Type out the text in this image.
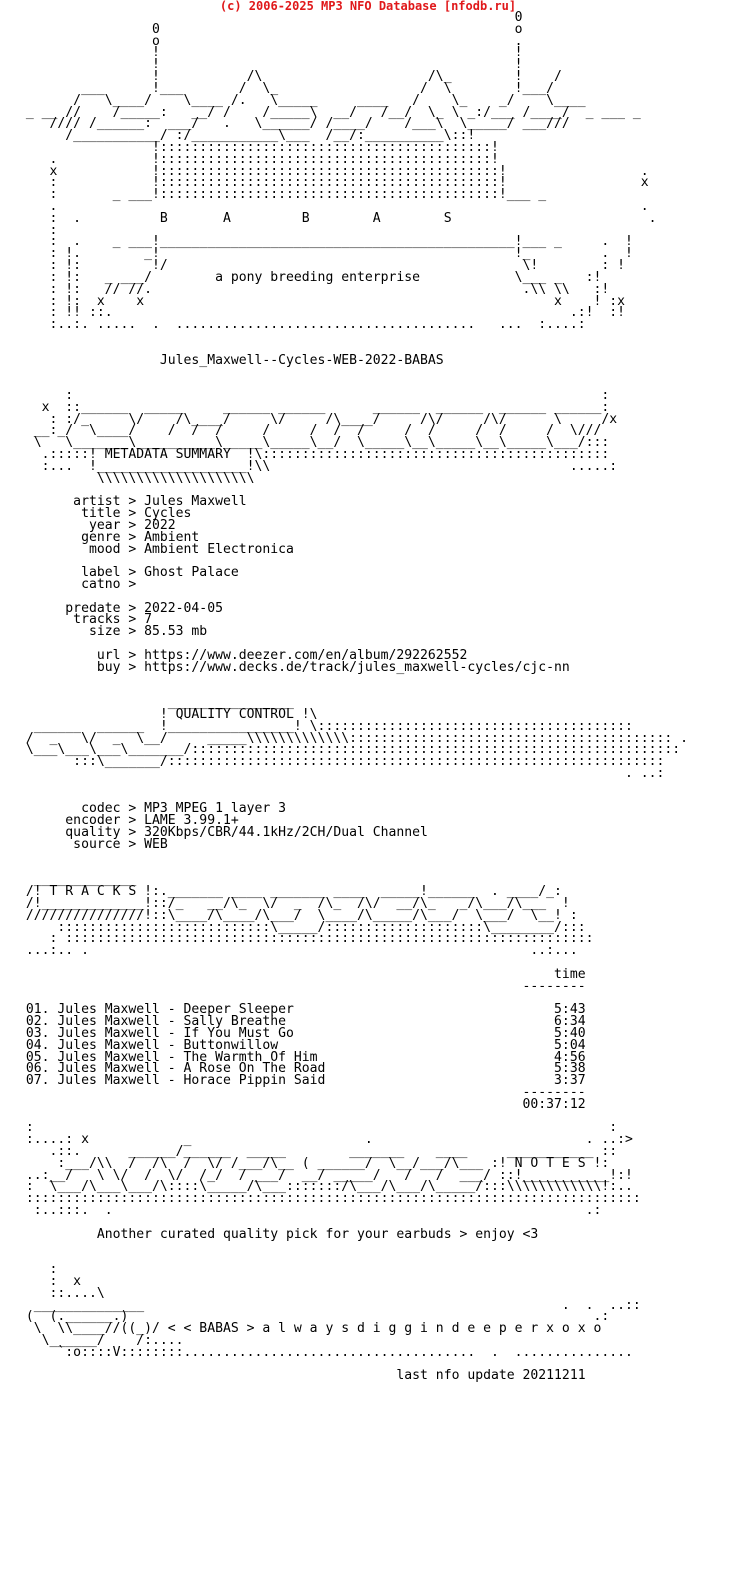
(c) 2006-2025 MP3 NFO Database [nfodb.ru]
0
0                                             o
o                                             .
!                                             !
!                                             !
!           /\                     /\_        !    /
___      !___       /  \_                  /  \        !___/
/   \____/    \____ /.   \_____     ____   /    \_    _/    \____
_ __ //    /_____:   __/ /    /_____\  __/   /__/  \_ \ _:/___ /____/  _ ___ _
//// /______:  ___/   .   \______/ /____/    /___\  \_____/ ___///
/___________/ :/___________\___  /__/:__________\::!
!::::::::::::::::::::::::::::::::::::::::::!
.            !::::::::::::::::::::::::::::::::::::::::::!
x            !:::::::::::::::::::::::::::::::::::::::::::!                 .
:            !:::::::::::::::::::::::::::::::::::::::::::!                 x
:       _ ___!:::::::::::::::::::::::::::::::::::::::::::!___ _
.                                                                          .
:  .          B       A         B        A        S                         .
:
:  .    _ ___!_____________________________________________!___ _     .  !
: !.        _!                                             !_         .  !
: !:         !/                                             \!        : !
: !:   _ ___/        a pony breeding enterprise            \___ _   :!
: !:   // //.                                               .\\ \\   :!
: !:  x    x                                                    x    ! :x
: !! ::.                                                          .:!  :!
:..:. .....  .  ......................................   ...  :....:

Jules_Maxwell--Cycles-WEB-2022-BABAS

:                                                                   :
x  ::______  _____     ______ ______      ______  ______  ______ ______:
: :/_     \/    /\____/     \/     /\____/     /\/     /\/      \     /x
__:_/  \____/    /  /  /     /     /  /  /     /  /     /  /     /  \///
\   \_______\__________\_____\_____\__/  \_____\__\_____\__\_____\___/:::
.:::::! METADATA SUMMARY  !\::::::::::::::::::::::::::::::::::::::::::::
:...  !___________________!\\                                      .....:
\\\\\\\\\\\\\\\\\\\\

artist > Jules Maxwell
title > Cycles
year > 2022
genre > Ambient
mood > Ambient Electronica

label > Ghost Palace
catno >

predate > 2022-04-05
tracks > 7
size > 85.53 mb

url > https://www.deezer.com/en/album/292262552
buy > https://www.decks.de/track/jules_maxwell-cycles/cjc-nn

________________
! QUALITY CONTROL !\
______  ______  !________________! \::::::::::::::::::::::::::::::::::::::::
/  _   \/  _  \__/     _____\\\\\\\\\\\\\::::::::::::::::::::::::::::::::::::::::: .
\___\___\___\_______/::::::::::::::::::::::::::::::::::::::::::::::::::::::::::::::
:::\_______/:::::::::::::::::::::::::::::::::::::::::::::::::::::::::::::::
. ..:

codec > MP3 MPEG 1 layer 3
encoder > LAME 3.99.1+
quality > 320Kbps/CBR/44.1kHz/2CH/Dual Channel
source > WEB

_____________
/! T R A C K S !:._______ ____ _______ ____  _____!______  . ____/_:
/!_____________!::/_   __/\_  \/  _  /\_  /\/  __/\_   _/\___/\___  !
///////////////!::\____/\____/\___/  \____/\_____/\___/  \___/  \__! :
:::::::::::::::::::::::::::\_____/::::::::::::::::::::\________/:::
: :::::::::::::::::::::::::::::::::::::::::::::::::::::::::::::::::::
...:.. .                                                        ..:...

time
--------

01. Jules Maxwell - Deeper Sleeper                                 5:43
02. Jules Maxwell - Sally Breathe                                  6:34
03. Jules Maxwell - If You Must Go                                 5:40
04. Jules Maxwell - Buttonwillow                                   5:04
05. Jules Maxwell - The Warmth Of Him                              4:56
06. Jules Maxwell - A Rose On The Road                             5:38
07. Jules Maxwell - Horace Pippin Said                             3:37
--------
00:37:12

:                                                                         :
:....: x            _                      .                           . ..:>
.::.      ______/______  _____        _______    ____     ___________ ::
:___/\\  /  /\  /  \/ /___/\__ ( ______/  \__/___/\___ :! N O T E S !:
..:__/   \ \/  /  \/  /_/  / ___/  __/ _____/   /   /  ___/ ::!___________!:!
:  \___/\___\___/\::::\_____/\___:::::::/\___/\___/\_____/:::\\\\\\\\\\\\!:..
::::::::::::::::::::::::::::::::::::::::::::::::::::::::::::::::::::::::::::::
:..:::.  .                                                            .:

Another curated quality pick for your earbuds > enjoy <3

:
:  x
::....\
______________                                                     .  .  ..::
(  (.______.)                                                           .:
\  \\____//((_)/ < < BABAS > a l w a y s d i g g i n d e e p e r x o x o
\______/    /:....
`:o::::V::::::::.....................................  .  ...............

last nfo update 20211211
